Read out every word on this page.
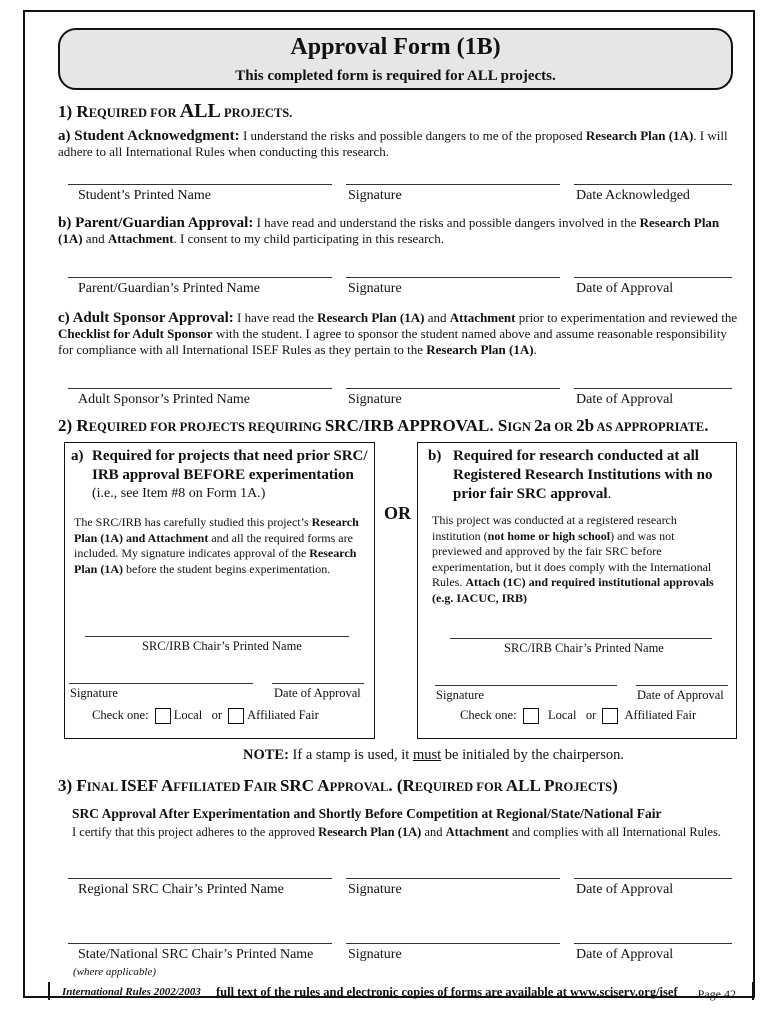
Approval Form (1B)
This completed form is required for ALL projects.
1) REQUIRED FOR ALL PROJECTS.
a) Student Acknowedgment: I understand the risks and possible dangers to me of the proposed Research Plan (1A). I will adhere to all International Rules when conducting this research.
Student’s Printed Name	Signature	Date Acknowledged
b) Parent/Guardian Approval: I have read and understand the risks and possible dangers involved in the Research Plan (1A) and Attachment. I consent to my child participating in this research.
Parent/Guardian’s Printed Name	Signature	Date of Approval
c) Adult Sponsor Approval: I have read the Research Plan (1A) and Attachment prior to experimentation and reviewed the Checklist for Adult Sponsor with the student. I agree to sponsor the student named above and assume reasonable responsibility for compliance with all International ISEF Rules as they pertain to the Research Plan (1A).
Adult Sponsor’s Printed Name	Signature	Date of Approval
2) REQUIRED FOR PROJECTS REQUIRING SRC/IRB APPROVAL. SIGN 2a OR 2b AS APPROPRIATE.
a) Required for projects that need prior SRC/
IRB approval BEFORE experimentation
(i.e., see Item #8 on Form 1A.)
The SRC/IRB has carefully studied this project’s Research Plan (1A) and Attachment and all the required forms are included. My signature indicates approval of the Research Plan (1A) before the student begins experimentation.
SRC/IRB Chair’s Printed Name
Signature	Date of Approval
Check one: Local or Affiliated Fair
OR
b) Required for research conducted at all
Registered Research Institutions with no
prior fair SRC approval.
This project was conducted at a registered research institution (not home or high school) and was not previewed and approved by the fair SRC before experimentation, but it does comply with the International Rules. Attach (1C) and required institutional approvals (e.g. IACUC, IRB)
SRC/IRB Chair’s Printed Name
Signature	Date of Approval
Check one:	Local or Affiliated Fair
NOTE: If a stamp is used, it must be initialed by the chairperson.
3) FINAL ISEF AFFILIATED FAIR SRC APPROVAL. (REQUIRED FOR ALL PROJECTS)
SRC Approval After Experimentation and Shortly Before Competition at Regional/State/National Fair
I certify that this project adheres to the approved Research Plan (1A) and Attachment and complies with all International Rules.
Regional SRC Chair’s Printed Name	Signature	Date of Approval
State/National SRC Chair’s Printed Name Signature	Date of Approval
(where applicable)
International Rules 2002/2003 full text of the rules and electronic copies of forms are available at www.sciserv.org/isef Page 42
